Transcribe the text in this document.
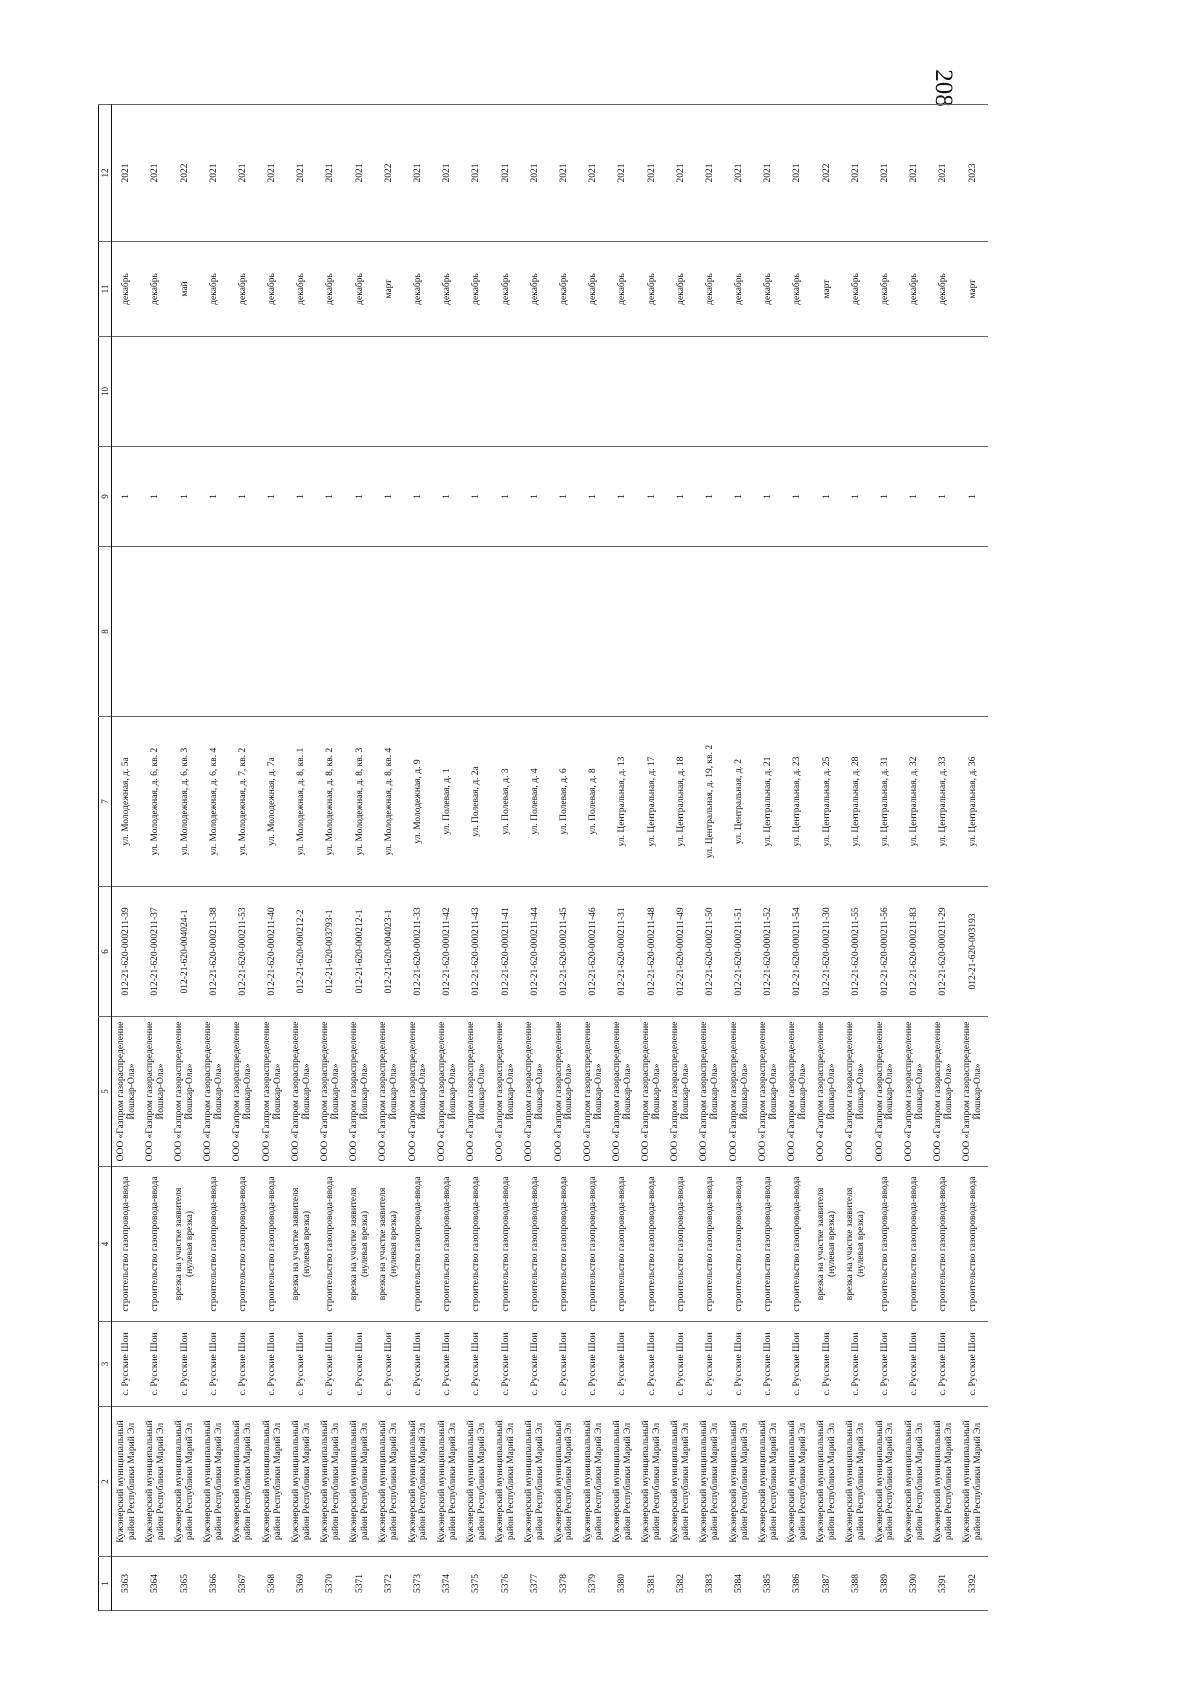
208
1	2	3	4	5	6	7	8	9	10	11	12
5363	Кужэнерский муниципальный район Республики Марий Эл	с. Русские Шои	строительство газопровода-ввода	ООО «Газпром газораспределение Йошкар-Ола»	012-21-620-000211-39	ул. Молодежная, д. 5а		1		декабрь	2021
5364	Кужэнерский муниципальный район Республики Марий Эл	с. Русские Шои	строительство газопровода-ввода	ООО «Газпром газораспределение Йошкар-Ола»	012-21-620-000211-37	ул. Молодежная, д. 6, кв. 2		1		декабрь	2021
5365	Кужэнерский муниципальный район Республики Марий Эл	с. Русские Шои	врезка на участке заявителя (нулевая врезка)	ООО «Газпром газораспределение Йошкар-Ола»	012-21-620-004024-1	ул. Молодежная, д. 6, кв. 3		1		май	2022
5366	Кужэнерский муниципальный район Республики Марий Эл	с. Русские Шои	строительство газопровода-ввода	ООО «Газпром газораспределение Йошкар-Ола»	012-21-620-000211-38	ул. Молодежная, д. 6, кв. 4		1		декабрь	2021
5367	Кужэнерский муниципальный район Республики Марий Эл	с. Русские Шои	строительство газопровода-ввода	ООО «Газпром газораспределение Йошкар-Ола»	012-21-620-000211-53	ул. Молодежная, д. 7, кв. 2		1		декабрь	2021
5368	Кужэнерский муниципальный район Республики Марий Эл	с. Русские Шои	строительство газопровода-ввода	ООО «Газпром газораспределение Йошкар-Ола»	012-21-620-000211-40	ул. Молодежная, д. 7а		1		декабрь	2021
5369	Кужэнерский муниципальный район Республики Марий Эл	с. Русские Шои	врезка на участке заявителя (нулевая врезка)	ООО «Газпром газораспределение Йошкар-Ола»	012-21-620-000212-2	ул. Молодежная, д. 8, кв. 1		1		декабрь	2021
5370	Кужэнерский муниципальный район Республики Марий Эл	с. Русские Шои	строительство газопровода-ввода	ООО «Газпром газораспределение Йошкар-Ола»	012-21-620-003793-1	ул. Молодежная, д. 8, кв. 2		1		декабрь	2021
5371	Кужэнерский муниципальный район Республики Марий Эл	с. Русские Шои	врезка на участке заявителя (нулевая врезка)	ООО «Газпром газораспределение Йошкар-Ола»	012-21-620-000212-1	ул. Молодежная, д. 8, кв. 3		1		декабрь	2021
5372	Кужэнерский муниципальный район Республики Марий Эл	с. Русские Шои	врезка на участке заявителя (нулевая врезка)	ООО «Газпром газораспределение Йошкар-Ола»	012-21-620-004023-1	ул. Молодежная, д. 8, кв. 4		1		март	2022
5373	Кужэнерский муниципальный район Республики Марий Эл	с. Русские Шои	строительство газопровода-ввода	ООО «Газпром газораспределение Йошкар-Ола»	012-21-620-000211-33	ул. Молодежная, д. 9		1		декабрь	2021
5374	Кужэнерский муниципальный район Республики Марий Эл	с. Русские Шои	строительство газопровода-ввода	ООО «Газпром газораспределение Йошкар-Ола»	012-21-620-000211-42	ул. Полевая, д. 1		1		декабрь	2021
5375	Кужэнерский муниципальный район Республики Марий Эл	с. Русские Шои	строительство газопровода-ввода	ООО «Газпром газораспределение Йошкар-Ола»	012-21-620-000211-43	ул. Полевая, д. 2а		1		декабрь	2021
5376	Кужэнерский муниципальный район Республики Марий Эл	с. Русские Шои	строительство газопровода-ввода	ООО «Газпром газораспределение Йошкар-Ола»	012-21-620-000211-41	ул. Полевая, д. 3		1		декабрь	2021
5377	Кужэнерский муниципальный район Республики Марий Эл	с. Русские Шои	строительство газопровода-ввода	ООО «Газпром газораспределение Йошкар-Ола»	012-21-620-000211-44	ул. Полевая, д. 4		1		декабрь	2021
5378	Кужэнерский муниципальный район Республики Марий Эл	с. Русские Шои	строительство газопровода-ввода	ООО «Газпром газораспределение Йошкар-Ола»	012-21-620-000211-45	ул. Полевая, д. 6		1		декабрь	2021
5379	Кужэнерский муниципальный район Республики Марий Эл	с. Русские Шои	строительство газопровода-ввода	ООО «Газпром газораспределение Йошкар-Ола»	012-21-620-000211-46	ул. Полевая, д. 8		1		декабрь	2021
5380	Кужэнерский муниципальный район Республики Марий Эл	с. Русские Шои	строительство газопровода-ввода	ООО «Газпром газораспределение Йошкар-Ола»	012-21-620-000211-31	ул. Центральная, д. 13		1		декабрь	2021
5381	Кужэнерский муниципальный район Республики Марий Эл	с. Русские Шои	строительство газопровода-ввода	ООО «Газпром газораспределение Йошкар-Ола»	012-21-620-000211-48	ул. Центральная, д. 17		1		декабрь	2021
5382	Кужэнерский муниципальный район Республики Марий Эл	с. Русские Шои	строительство газопровода-ввода	ООО «Газпром газораспределение Йошкар-Ола»	012-21-620-000211-49	ул. Центральная, д. 18		1		декабрь	2021
5383	Кужэнерский муниципальный район Республики Марий Эл	с. Русские Шои	строительство газопровода-ввода	ООО «Газпром газораспределение Йошкар-Ола»	012-21-620-000211-50	ул. Центральная, д. 19, кв. 2		1		декабрь	2021
5384	Кужэнерский муниципальный район Республики Марий Эл	с. Русские Шои	строительство газопровода-ввода	ООО «Газпром газораспределение Йошкар-Ола»	012-21-620-000211-51	ул. Центральная, д. 2		1		декабрь	2021
5385	Кужэнерский муниципальный район Республики Марий Эл	с. Русские Шои	строительство газопровода-ввода	ООО «Газпром газораспределение Йошкар-Ола»	012-21-620-000211-52	ул. Центральная, д. 21		1		декабрь	2021
5386	Кужэнерский муниципальный район Республики Марий Эл	с. Русские Шои	строительство газопровода-ввода	ООО «Газпром газораспределение Йошкар-Ола»	012-21-620-000211-54	ул. Центральная, д. 23		1		декабрь	2021
5387	Кужэнерский муниципальный район Республики Марий Эл	с. Русские Шои	врезка на участке заявителя (нулевая врезка)	ООО «Газпром газораспределение Йошкар-Ола»	012-21-620-000211-30	ул. Центральная, д. 25		1		март	2022
5388	Кужэнерский муниципальный район Республики Марий Эл	с. Русские Шои	врезка на участке заявителя (нулевая врезка)	ООО «Газпром газораспределение Йошкар-Ола»	012-21-620-000211-55	ул. Центральная, д. 28		1		декабрь	2021
5389	Кужэнерский муниципальный район Республики Марий Эл	с. Русские Шои	строительство газопровода-ввода	ООО «Газпром газораспределение Йошкар-Ола»	012-21-620-000211-56	ул. Центральная, д. 31		1		декабрь	2021
5390	Кужэнерский муниципальный район Республики Марий Эл	с. Русские Шои	строительство газопровода-ввода	ООО «Газпром газораспределение Йошкар-Ола»	012-21-620-000211-83	ул. Центральная, д. 32		1		декабрь	2021
5391	Кужэнерский муниципальный район Республики Марий Эл	с. Русские Шои	строительство газопровода-ввода	ООО «Газпром газораспределение Йошкар-Ола»	012-21-620-000211-29	ул. Центральная, д. 33		1		декабрь	2021
5392	Кужэнерский муниципальный район Республики Марий Эл	с. Русские Шои	строительство газопровода-ввода	ООО «Газпром газораспределение Йошкар-Ола»	012-21-620-003193	ул. Центральная, д. 36		1		март	2023
